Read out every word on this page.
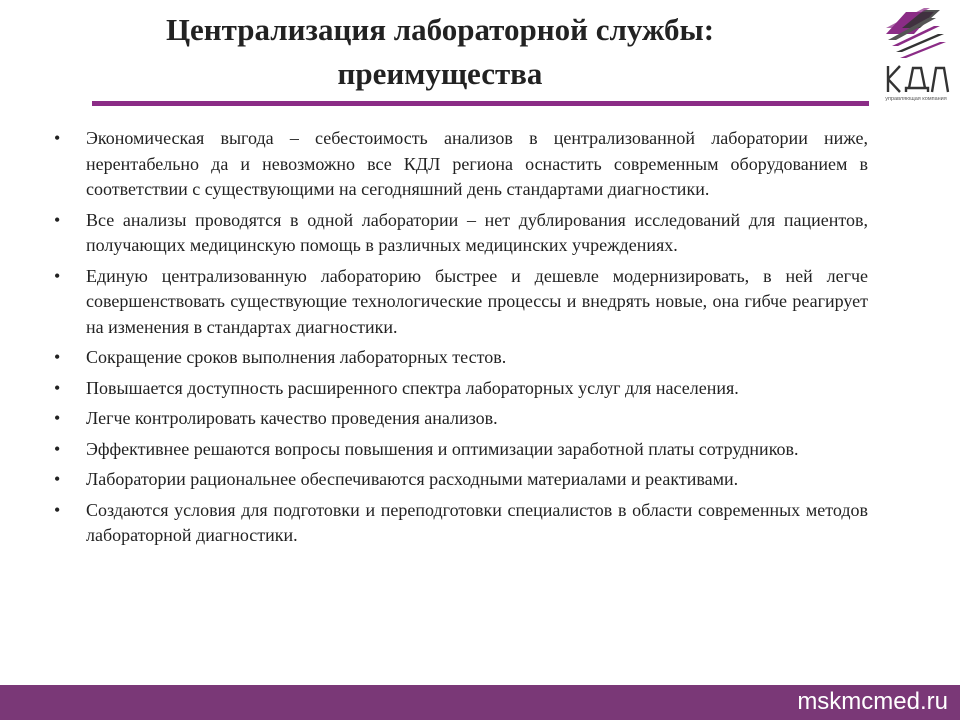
Централизация лабораторной службы:
преимущества
управляющая компания
• Экономическая выгода – себестоимость анализов в централизованной лаборатории ниже, нерентабельно да и невозможно все КДЛ региона оснастить современным оборудованием в соответствии с существующими на сегодняшний день стандартами диагностики.
• Все анализы проводятся в одной лаборатории – нет дублирования исследований для пациентов, получающих медицинскую помощь в различных медицинских учреждениях.
• Единую централизованную лабораторию быстрее и дешевле модернизировать, в ней легче совершенствовать существующие технологические процессы и внедрять новые, она гибче реагирует на изменения в стандартах диагностики.
• Сокращение сроков выполнения лабораторных тестов.
• Повышается доступность расширенного спектра лабораторных услуг для населения.
• Легче контролировать качество проведения анализов.
• Эффективнее решаются вопросы повышения и оптимизации заработной платы сотрудников.
• Лаборатории рациональнее обеспечиваются расходными материалами и реактивами.
• Создаются условия для подготовки и переподготовки специалистов в области современных методов лабораторной диагностики.
mskmcmed.ru
